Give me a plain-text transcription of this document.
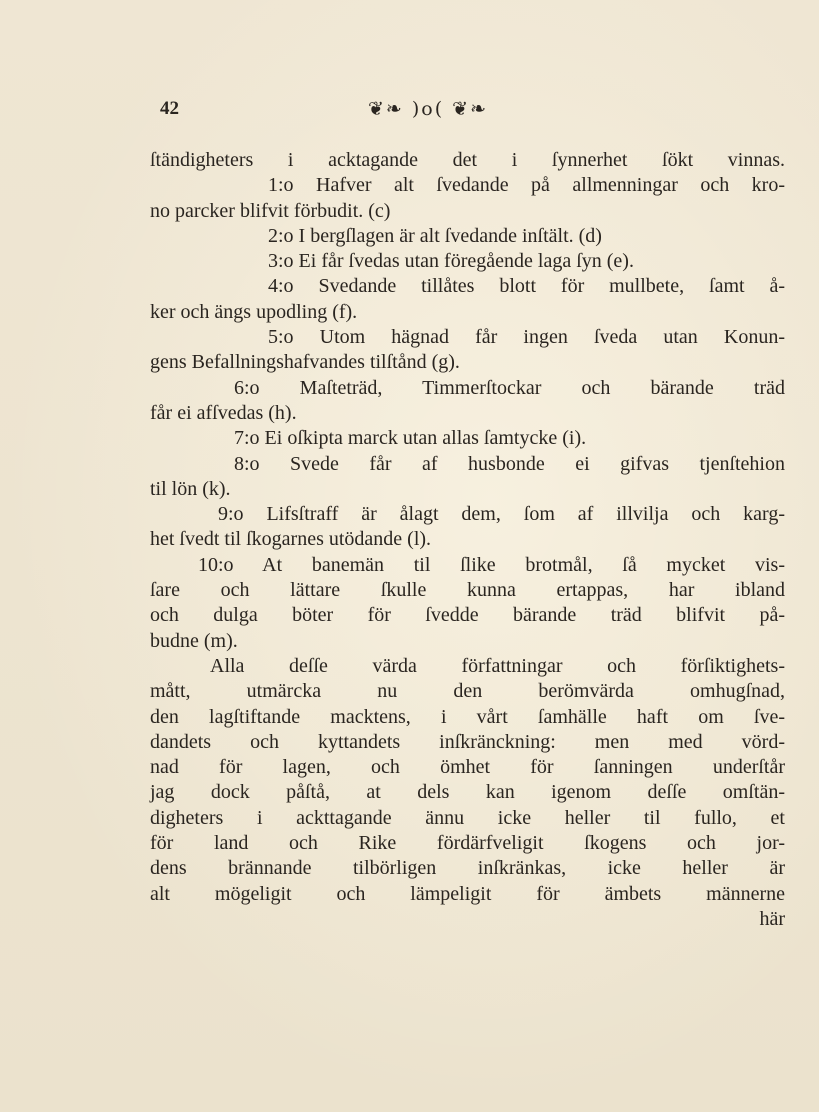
42	❦❧ )o( ❦❧
ſtändigheters i acktagande det i ſynnerhet ſökt vinnas.
1:o Hafver alt ſvedande på allmenningar och kro-
no parcker blifvit förbudit. (c)
2:o I bergſlagen är alt ſvedande inſtält. (d)
3:o Ei får ſvedas utan föregående laga ſyn (e).
4:o Svedande tillåtes blott för mullbete, ſamt å-
ker och ängs upodling (f).
5:o Utom hägnad får ingen ſveda utan Konun-
gens Befallningshafvandes tilſtånd (g).
6:o Maſteträd, Timmerſtockar och bärande träd
får ei afſvedas (h).
7:o Ei oſkipta marck utan allas ſamtycke (i).
8:o Svede får af husbonde ei gifvas tjenſtehion
til lön (k).
9:o Lifsſtraff är ålagt dem, ſom af illvilja och karg-
het ſvedt til ſkogarnes utödande (l).
10:o At banemän til ſlike brotmål, ſå mycket vis-
ſare och lättare ſkulle kunna ertappas, har ibland
och dulga böter för ſvedde bärande träd blifvit på-
budne (m).
Alla deſſe värda författningar och förſiktighets-
mått, utmärcka nu den berömvärda omhugſnad,
den lagſtiftande macktens, i vårt ſamhälle haft om ſve-
dandets och kyttandets inſkränckning: men med vörd-
nad för lagen, och ömhet för ſanningen underſtår
jag dock påſtå, at dels kan igenom deſſe omſtän-
digheters i ackttagande ännu icke heller til fullo, et
för land och Rike fördärfveligit ſkogens och jor-
dens brännande tilbörligen inſkränkas, icke heller är
alt mögeligit och lämpeligit för ämbets männerne
här
